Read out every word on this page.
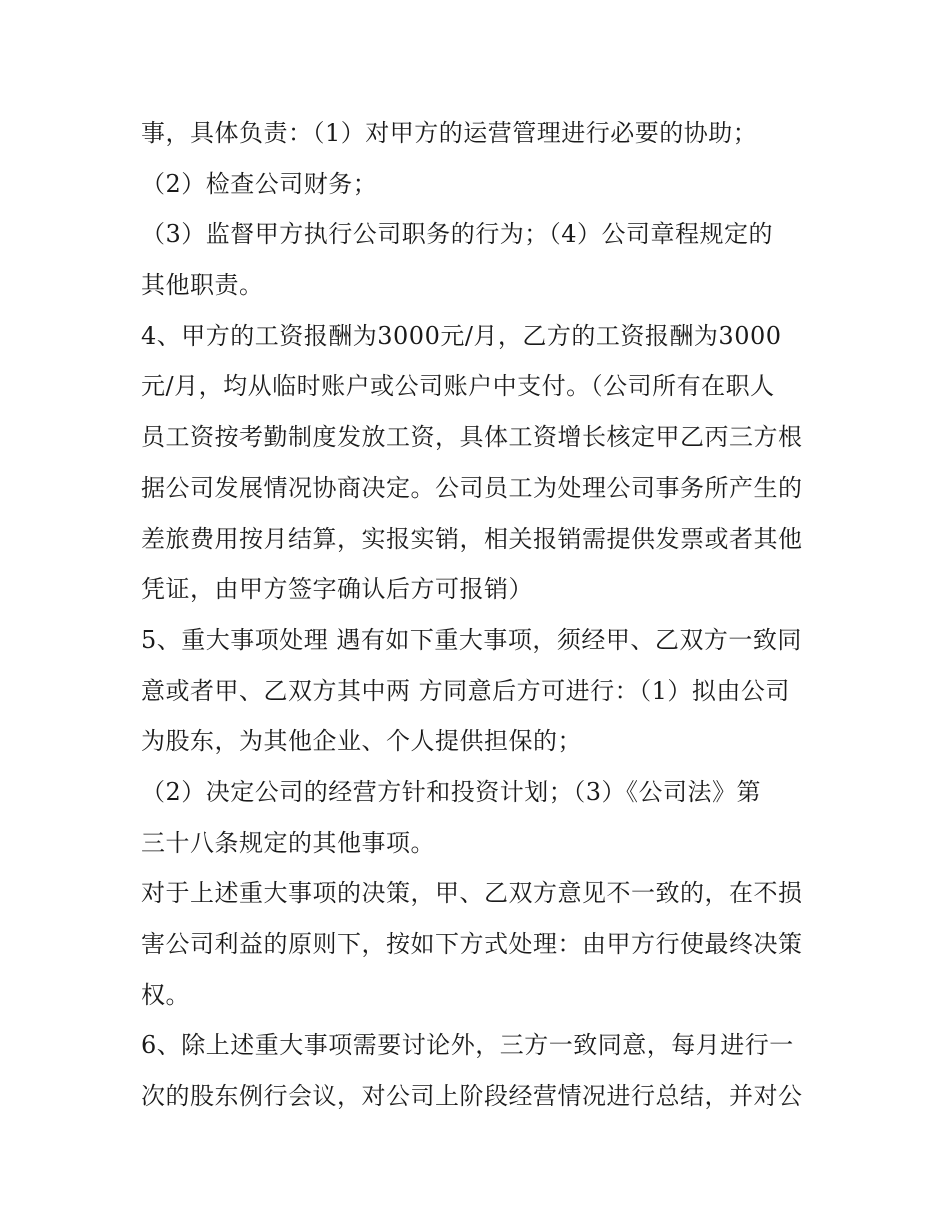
事，具体负责：（1）对甲方的运营管理进行必要的协助；
（2）检查公司财务；
（3）监督甲方执行公司职务的行为；（4）公司章程规定的
其他职责。
4、甲方的工资报酬为3000元/月，乙方的工资报酬为3000
元/月，均从临时账户或公司账户中支付。（公司所有在职人
员工资按考勤制度发放工资，具体工资增长核定甲乙丙三方根
据公司发展情况协商决定。公司员工为处理公司事务所产生的
差旅费用按月结算，实报实销，相关报销需提供发票或者其他
凭证，由甲方签字确认后方可报销）
5、重大事项处理 遇有如下重大事项，须经甲、乙双方一致同
意或者甲、乙双方其中两 方同意后方可进行：（1）拟由公司
为股东，为其他企业、个人提供担保的；
（2）决定公司的经营方针和投资计划；（3）《公司法》第
三十八条规定的其他事项。
对于上述重大事项的决策，甲、乙双方意见不一致的，在不损
害公司利益的原则下，按如下方式处理：由甲方行使最终决策
权。
6、除上述重大事项需要讨论外，三方一致同意，每月进行一
次的股东例行会议，对公司上阶段经营情况进行总结，并对公
